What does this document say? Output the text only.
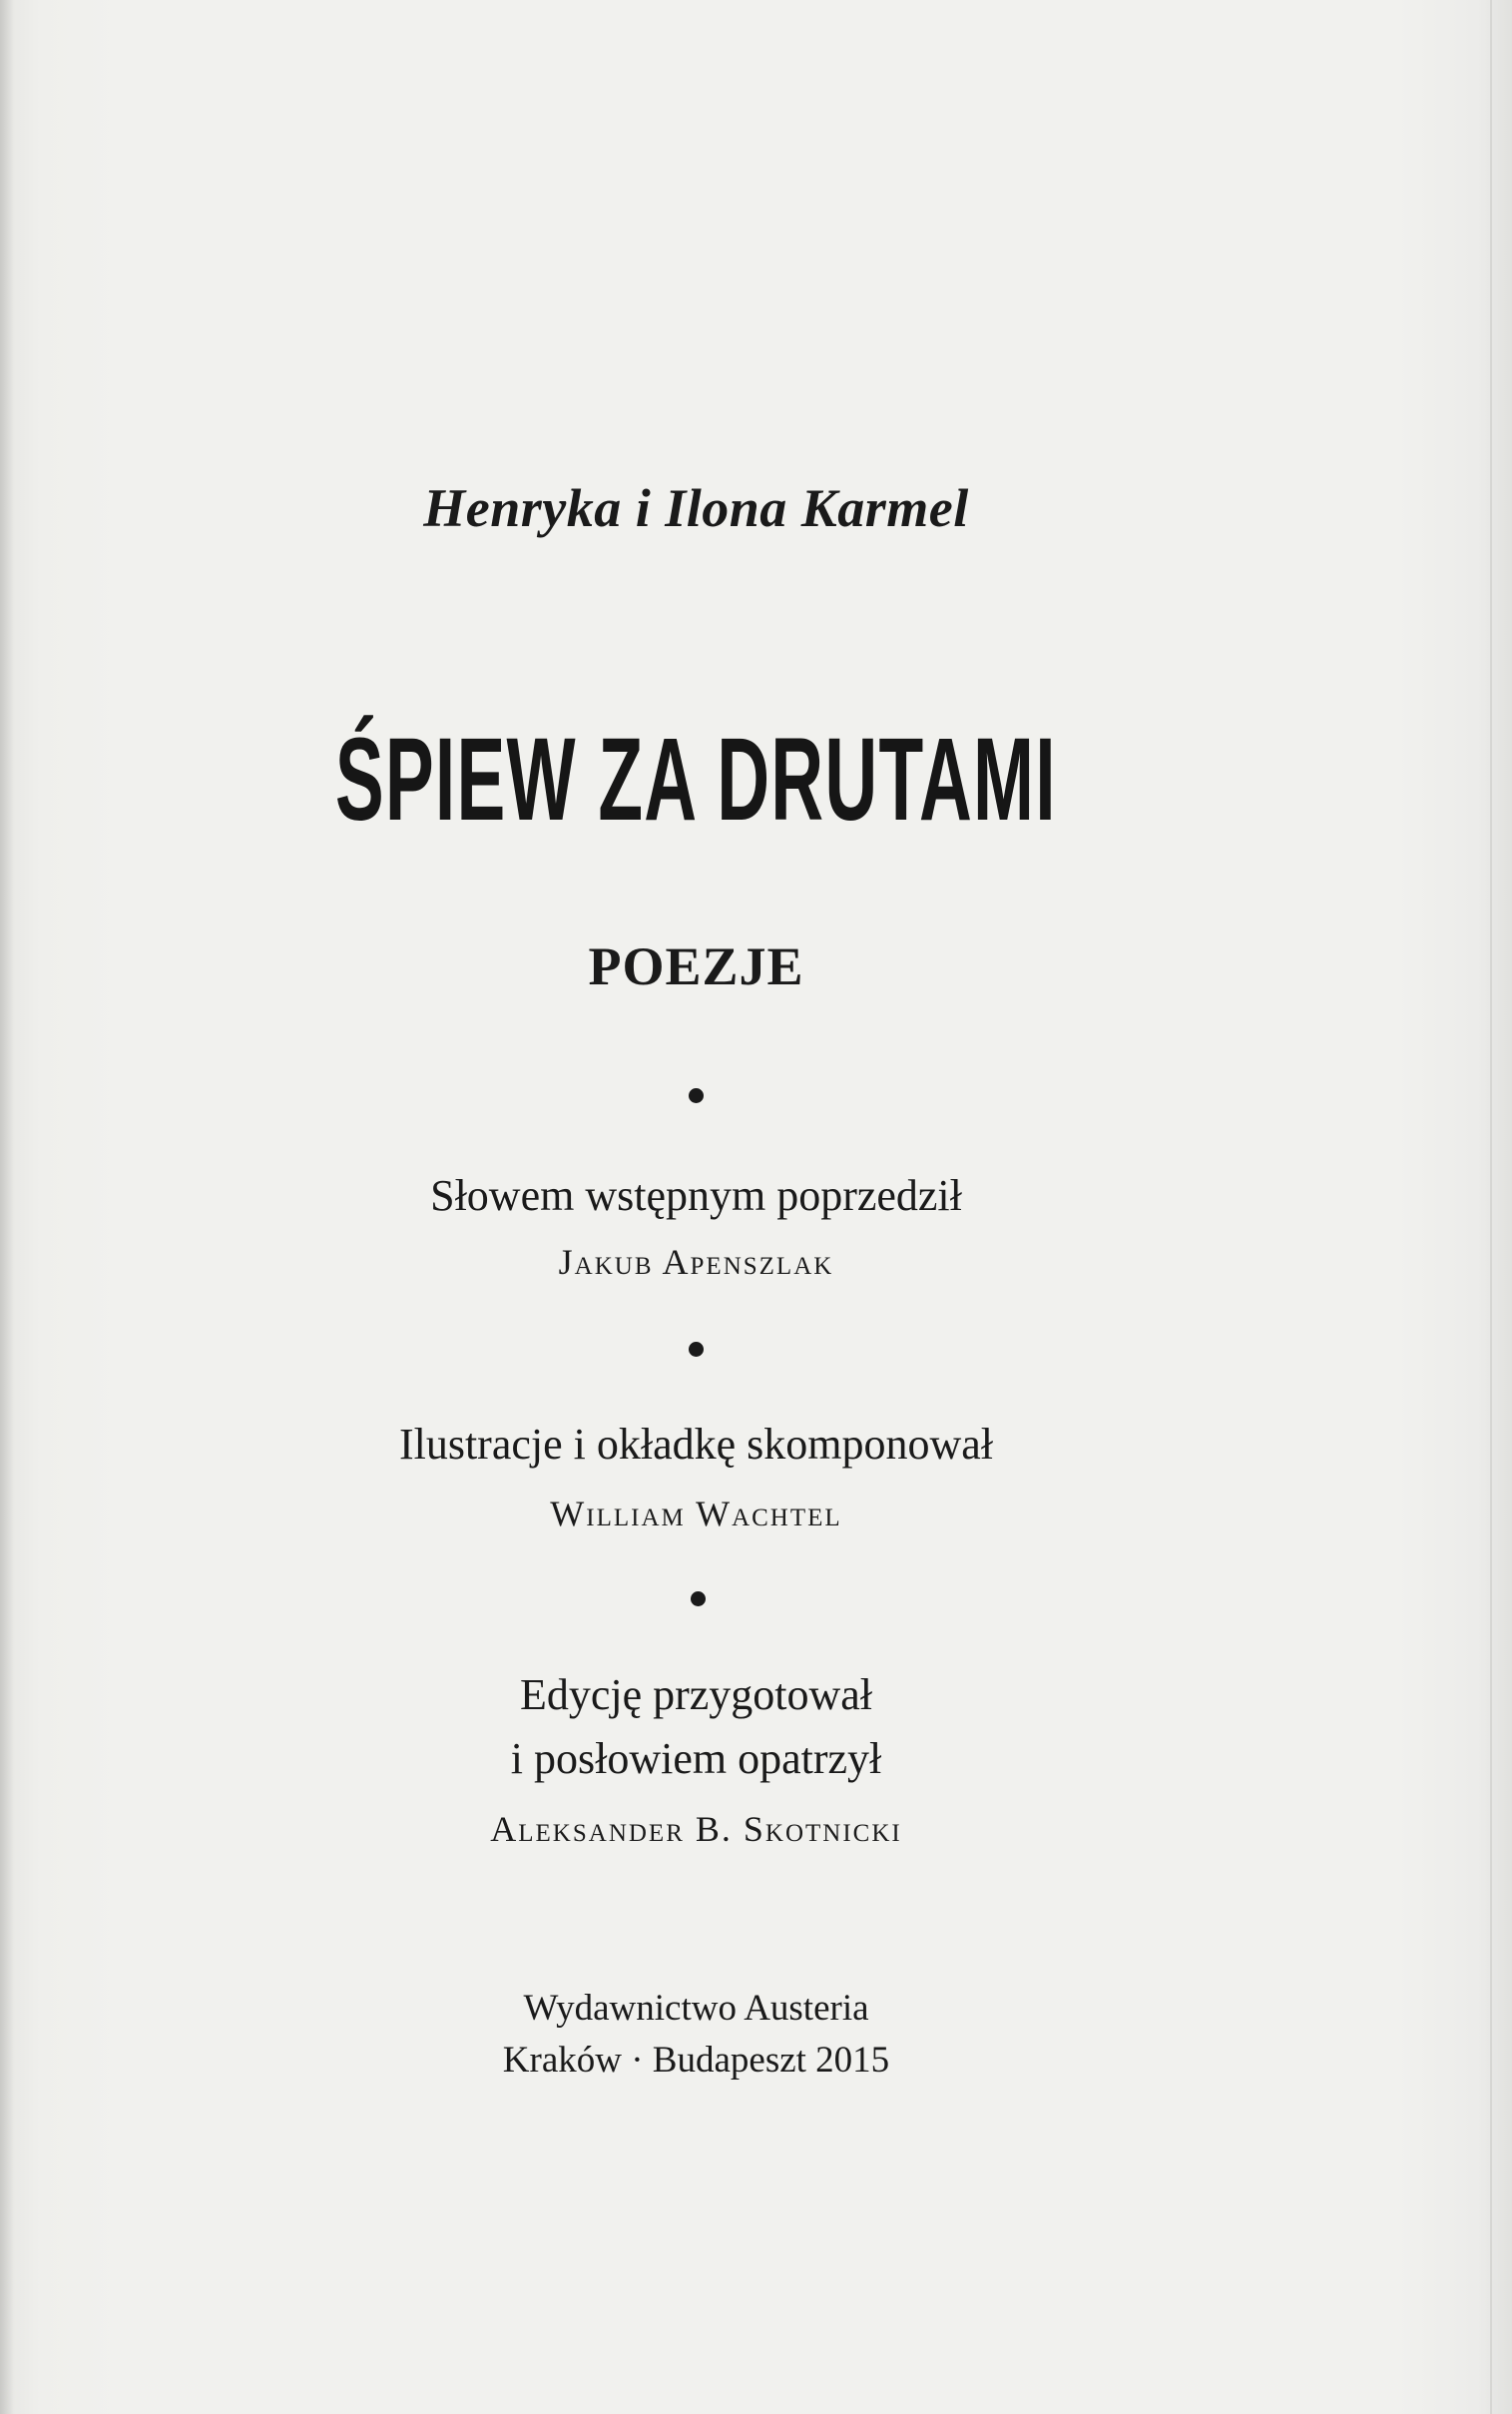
Henryka i Ilona Karmel
ŚPIEW ZA DRUTAMI
POEZJE
Słowem wstępnym poprzedził
Jakub Apenszlak
Ilustracje i okładkę skomponował
William Wachtel
Edycję przygotował
i posłowiem opatrzył
Aleksander B. Skotnicki
Wydawnictwo Austeria
Kraków · Budapeszt 2015
